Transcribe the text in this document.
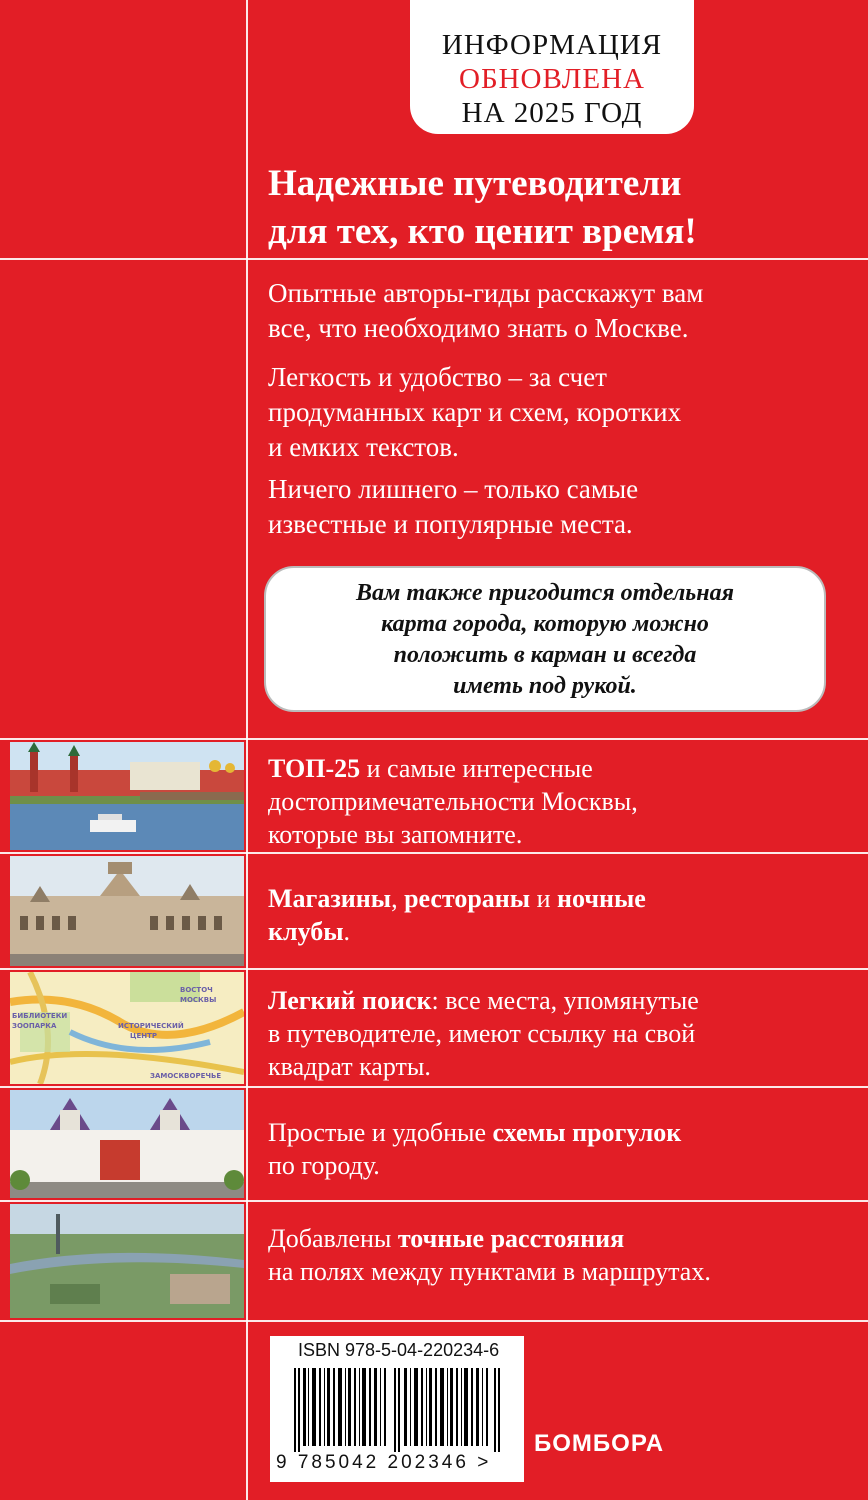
ИНФОРМАЦИЯ
ОБНОВЛЕНА
НА 2025 ГОД
Надежные путеводители
для тех, кто ценит время!
Опытные авторы-гиды расскажут вам
все, что необходимо знать о Москве.
Легкость и удобство – за счет
продуманных карт и схем, коротких
и емких текстов.
Ничего лишнего – только самые
известные и популярные места.
Вам также пригодится отдельная
карта города, которую можно
положить в карман и всегда
иметь под рукой.
ВОСТОЧ
МОСКВЫ
ИСТОРИЧЕСКИЙ
ЦЕНТР
ЗАМОСКВОРЕЧЬЕ
БИБЛИОТЕКИ
ЗООПАРКА
ТОП-25 и самые интересные
достопримечательности Москвы,
которые вы запомните.
Магазины, рестораны и ночные
клубы.
Легкий поиск: все места, упомянутые
в путеводителе, имеют ссылку на свой
квадрат карты.
Простые и удобные схемы прогулок
по городу.
Добавлены точные расстояния
на полях между пунктами в маршрутах.
ISBN 978-5-04-220234-6
9 785042 202346 >
БОМБОРА
